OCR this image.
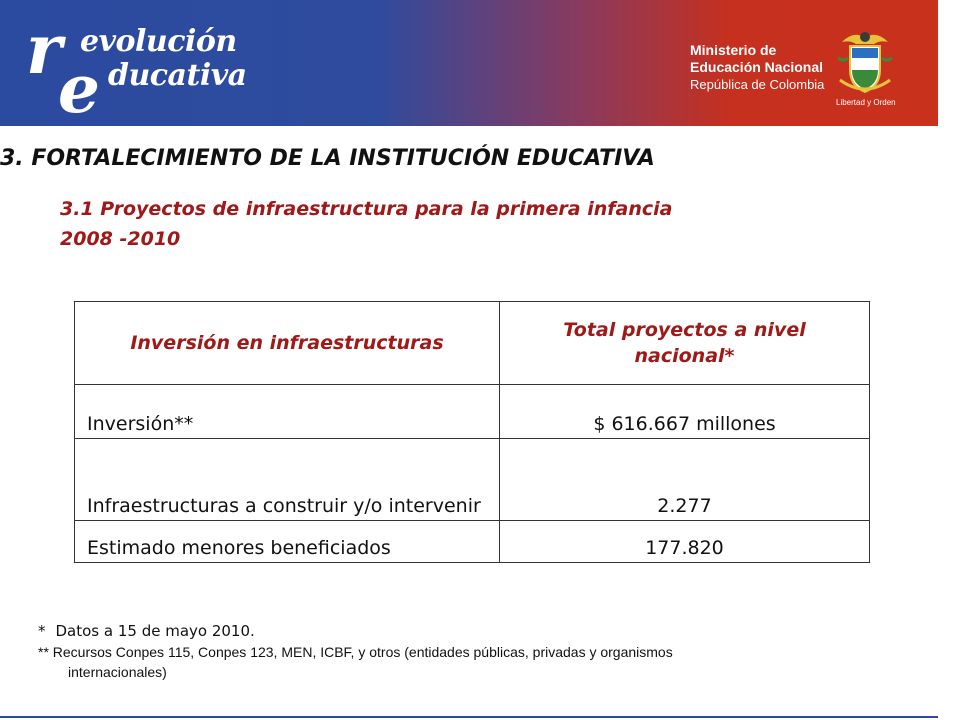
r evolución
e ducativa
Ministerio de
Educación Nacional
República de Colombia
Libertad y Orden
3. FORTALECIMIENTO DE LA INSTITUCIÓN EDUCATIVA
3.1 Proyectos de infraestructura para la primera infancia
2008 -2010
Inversión en infraestructuras	Total proyectos a nivel nacional*
Inversión**	$ 616.667 millones
Infraestructuras a construir y/o intervenir	2.277
Estimado menores beneficiados	177.820
* Datos a 15 de mayo 2010.
** Recursos Conpes 115, Conpes 123, MEN, ICBF, y otros (entidades públicas, privadas y organismos
internacionales)
